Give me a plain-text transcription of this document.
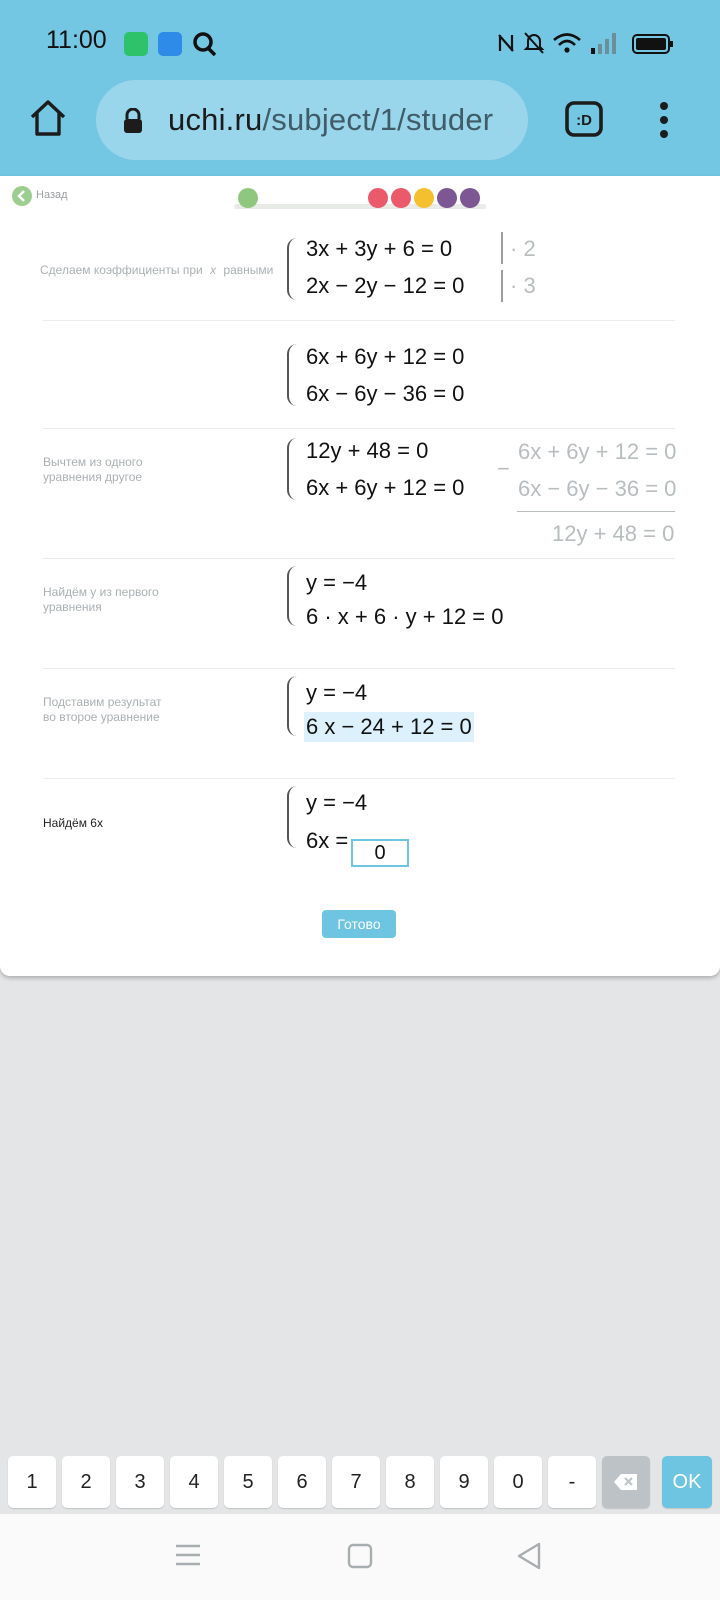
11:00
uchi.ru/subject/1/studer	:D
Назад
Сделаем коэффициенты при x равными
3x + 3y + 6 = 0
2x − 2y − 12 = 0
· 2
· 3
6x + 6y + 12 = 0
6x − 6y − 36 = 0
Вычтем из одного
уравнения другое
12y + 48 = 0
6x + 6y + 12 = 0
−
6x + 6y + 12 = 0
6x − 6y − 36 = 0
12y + 48 = 0
Найдём y из первого
уравнения
y = −4
6 · x + 6 · y + 12 = 0
Подставим результат
во второе уравнение
y = −4
6 x − 24 + 12 = 0
Найдём 6x
y = −4
6x =
0
Готово
1	2	3	4	5	6	7	8	9	0	-	OK
